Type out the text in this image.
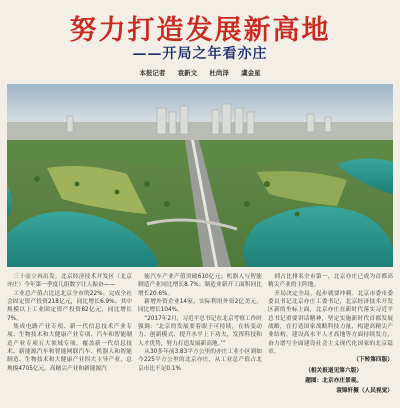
努力打造发展新高地
——开局之年看亦庄
本报记者 袁新文 杜尚泽 虞金星

三十而立再出发。北京经济技术开发区（北京亦庄）今年第一季度几组数字让人振奋——

工业总产值占比达北京全市的22%。完成全社会固定资产投资218亿元，同比增长6.9%；其中规模以上工业固定资产投资82亿元，同比增长7%。

集成电路产业专项、新一代信息技术产业专项、生物技术和大健康产业专项、汽车和智能制造产业专项五大领域专项，覆盖新一代信息技术、新能源汽车和智能网联汽车、机器人和智能制造、生物技术和大健康产业四大主导产业，总规模4705亿元。高精尖产业和新能源汽

能汽车产业产值突破610亿元；机器人与智能制造产业同比增长8.7%；制造业新开工面积同比增长20.6%。

新增外资企业14家，实际利用外资2亿美元，同比增长104%。

“2017年2月，习近平总书记在北京考察工作时强调：‘北京的发展要着眼于可持续，在转变动力、创新模式、提升水平上下功夫，发挥科技和人才优势，努力打造发展新高地。’”

从30多年前3.83平方公里的亦庄工业小区到如今225平方公里的北京亦庄，从工业总产值占北京市比不足0.1%

到占比排名全市第一，北京亦庄已成为首都高精尖产业的主阵地。

开局决定全局，起步就要冲刺。北京市委市委委员书记北京亦庄工委书记，北京经济技术开发区新的坐标上面，北京亦庄在新时代落实习近平总书记重要讲话精神，坚定实施新时代首都发展战略，在打造国家战略科技力量、构建高精尖产业结构，建设高水平人才高地等方面持续发力，奋力谱写全面建设社会主义现代化国家的北京篇章。

（下转第四版）

（相关报道见第六版）

题图：北京亦庄景观。

袁锦轩摄（人民视觉）
